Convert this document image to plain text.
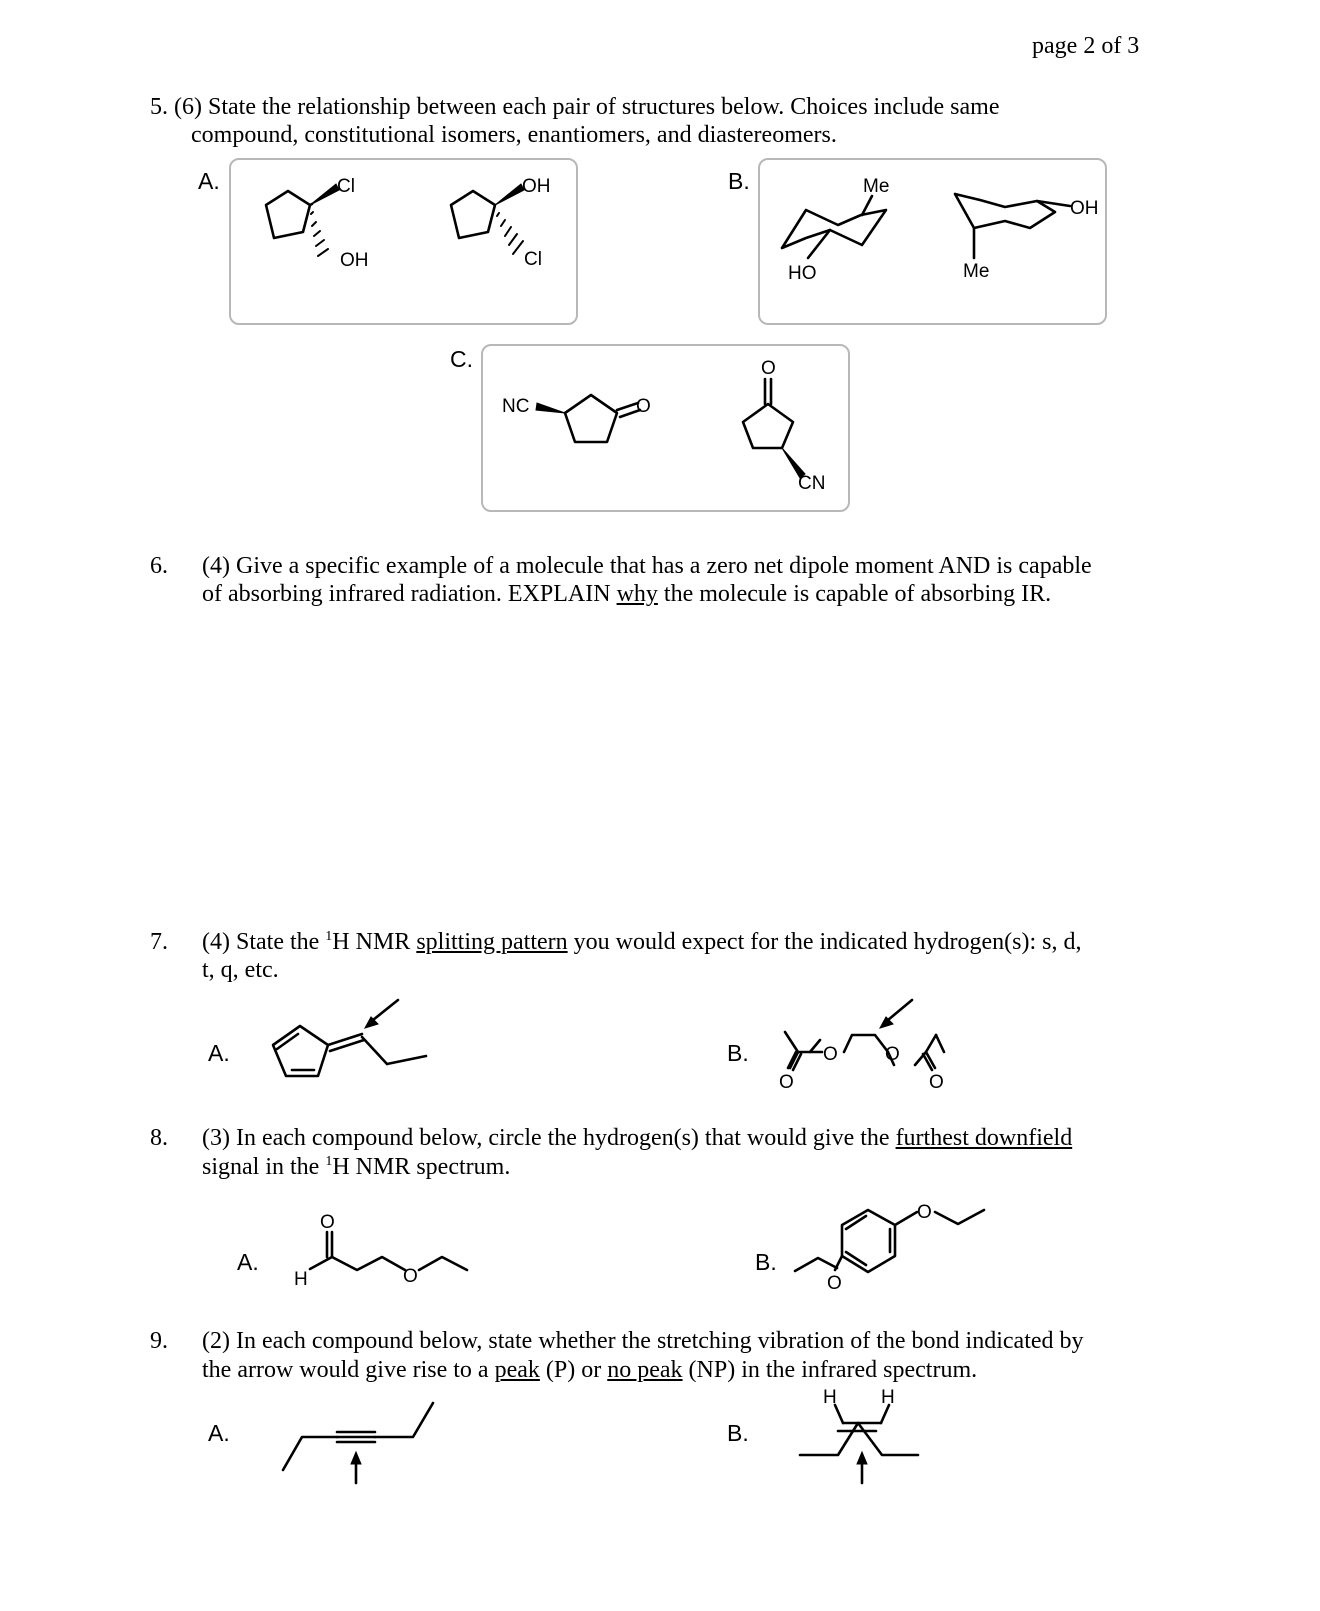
page 2 of 3
5. (6) State the relationship between each pair of structures below. Choices include same
compound, constitutional isomers, enantiomers, and diastereomers.
A.	B.
C.
Cl
OH
OH
Cl
Me
HO
OH
Me
NC	O
O
CN
O
O
O
O
O
H	O
O
O
H H
6. (4) Give a specific example of a molecule that has a zero net dipole moment AND is capable
of absorbing infrared radiation. EXPLAIN why the molecule is capable of absorbing IR.
7. (4) State the $^1$H NMR splitting pattern you would expect for the indicated hydrogen(s): s, d,
t, q, etc.
A.	B.
8. (3) In each compound below, circle the hydrogen(s) that would give the furthest downfield
signal in the $^1$H NMR spectrum.
A.	B.
9. (2) In each compound below, state whether the stretching vibration of the bond indicated by
the arrow would give rise to a peak (P) or no peak (NP) in the infrared spectrum.
A.	B.
